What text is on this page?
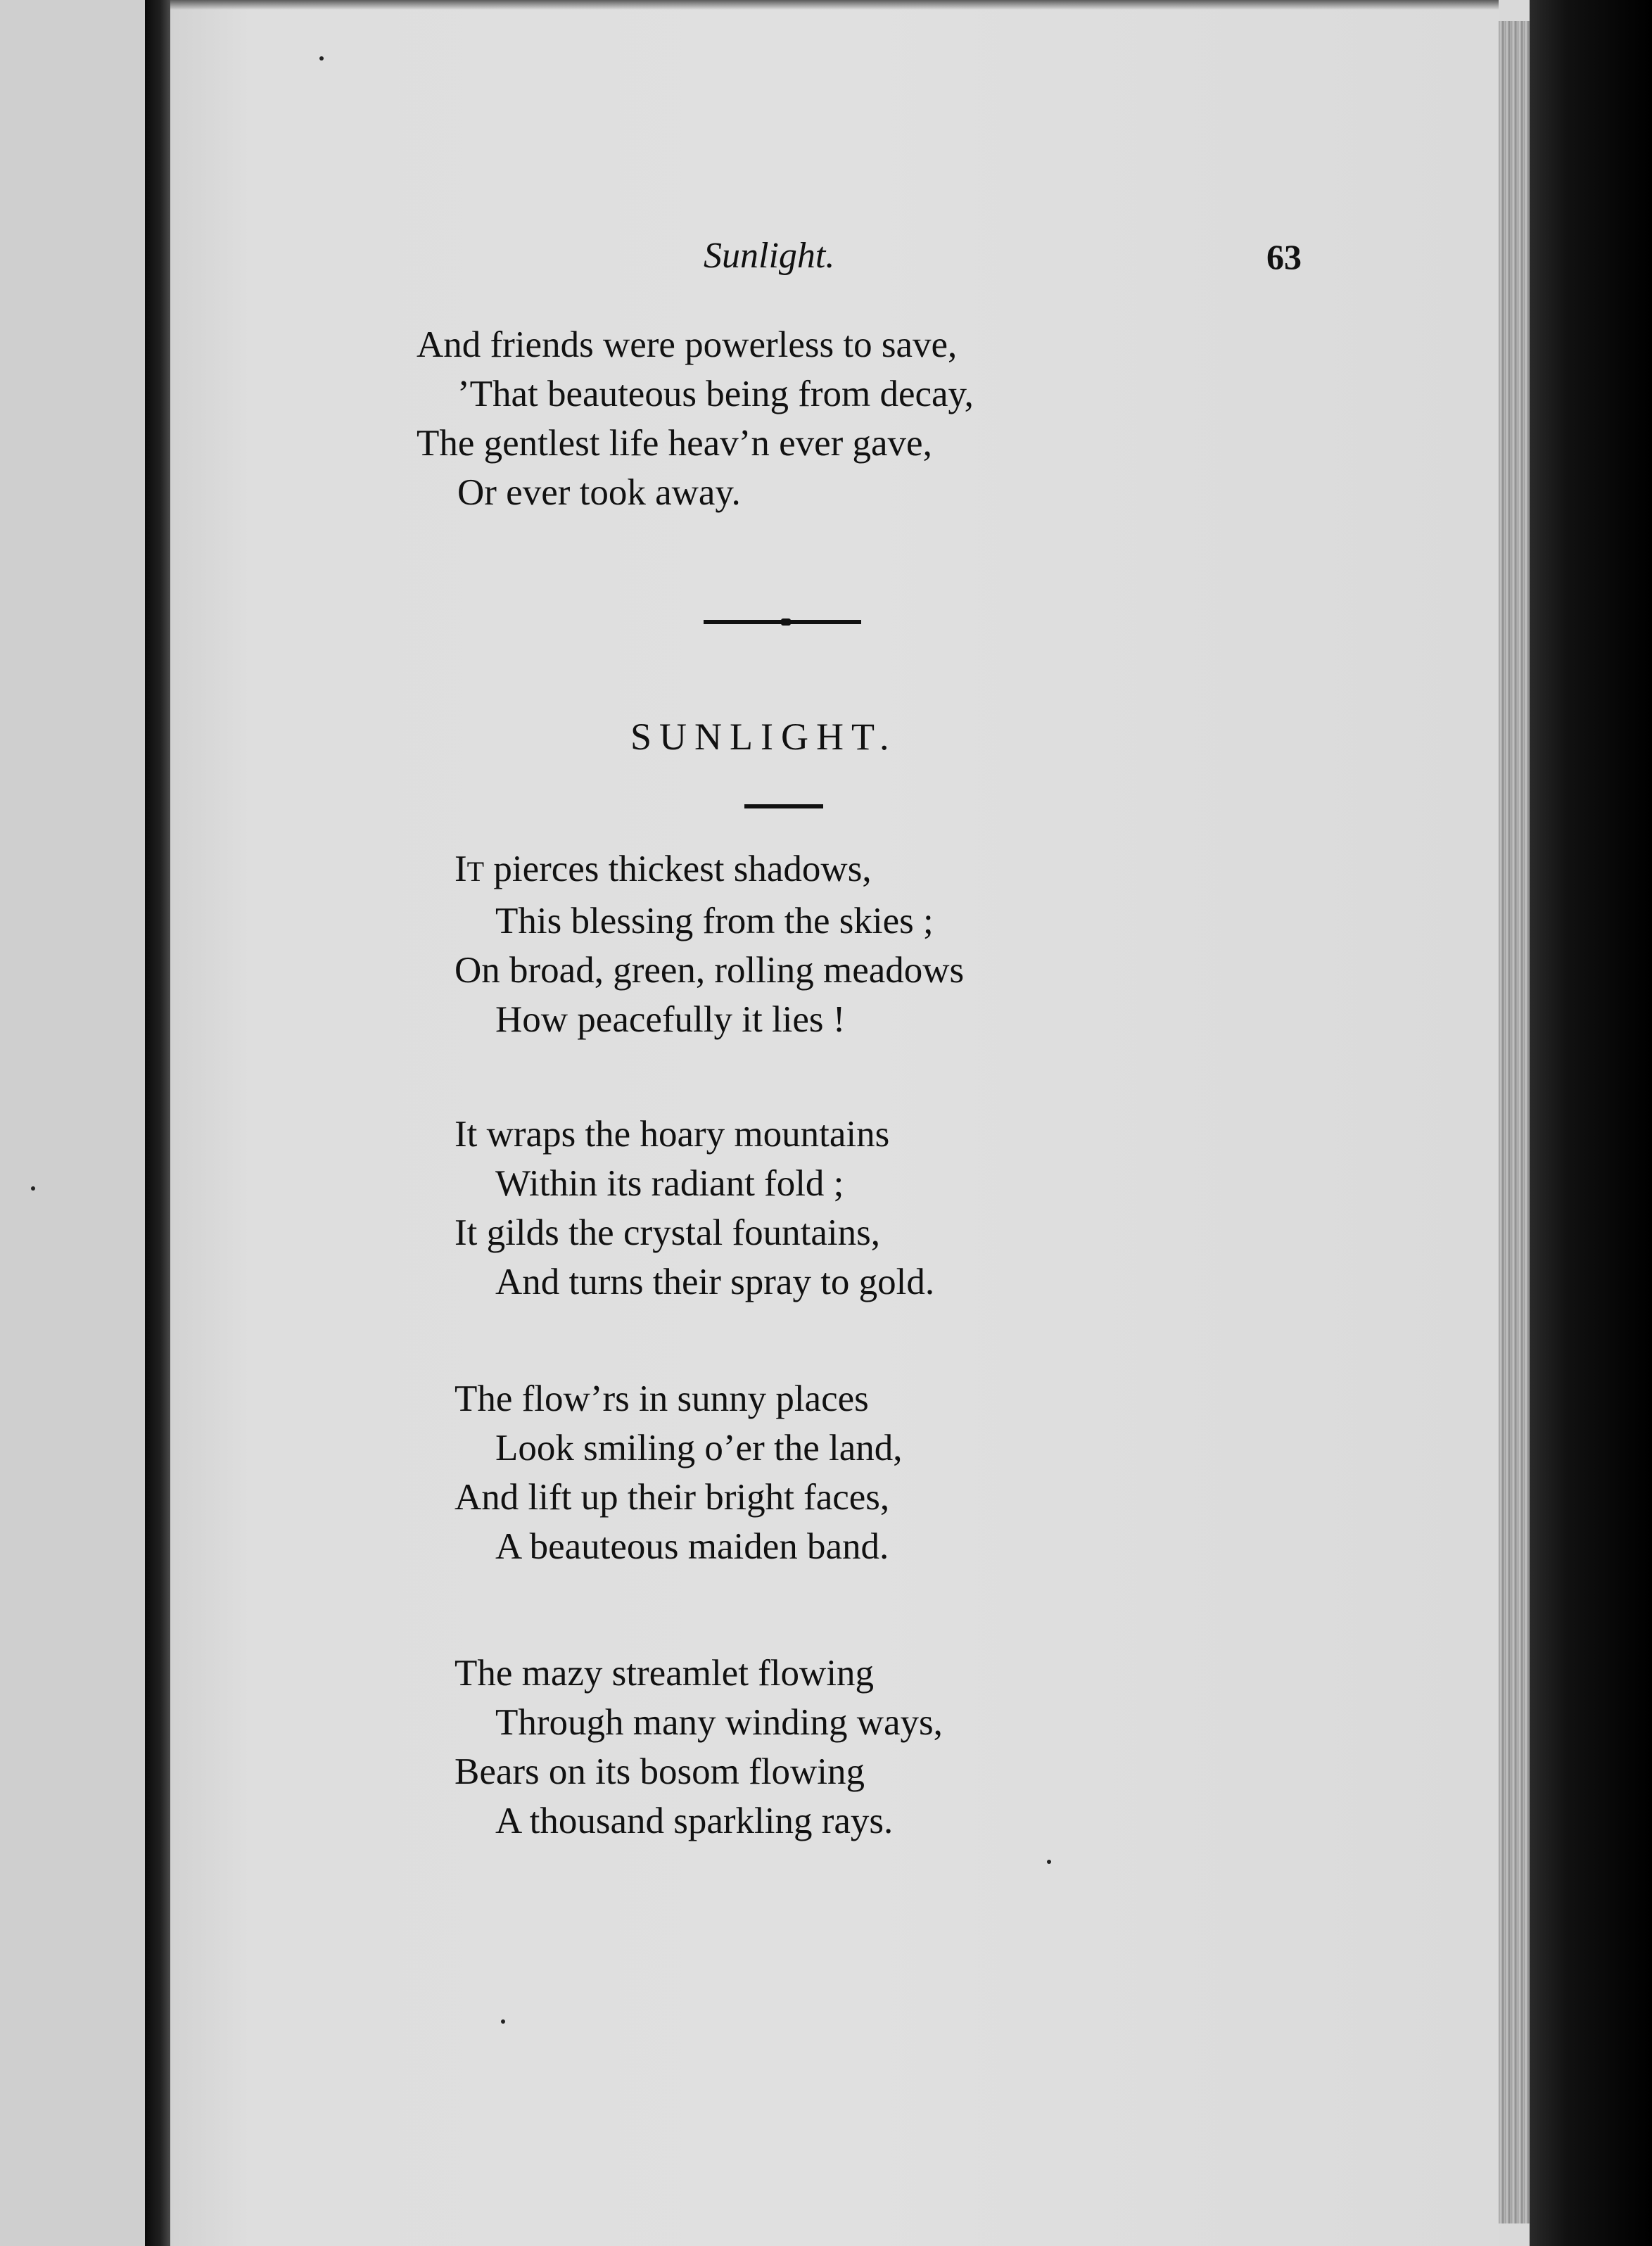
Sunlight.	63
And friends were powerless to save,
’That beauteous being from decay,
The gentlest life heav’n ever gave,
Or ever took away.
SUNLIGHT.
IT pierces thickest shadows,
This blessing from the skies ;
On broad, green, rolling meadows
How peacefully it lies !
It wraps the hoary mountains
Within its radiant fold ;
It gilds the crystal fountains,
And turns their spray to gold.
The flow’rs in sunny places
Look smiling o’er the land,
And lift up their bright faces,
A beauteous maiden band.
The mazy streamlet flowing
Through many winding ways,
Bears on its bosom flowing
A thousand sparkling rays.
